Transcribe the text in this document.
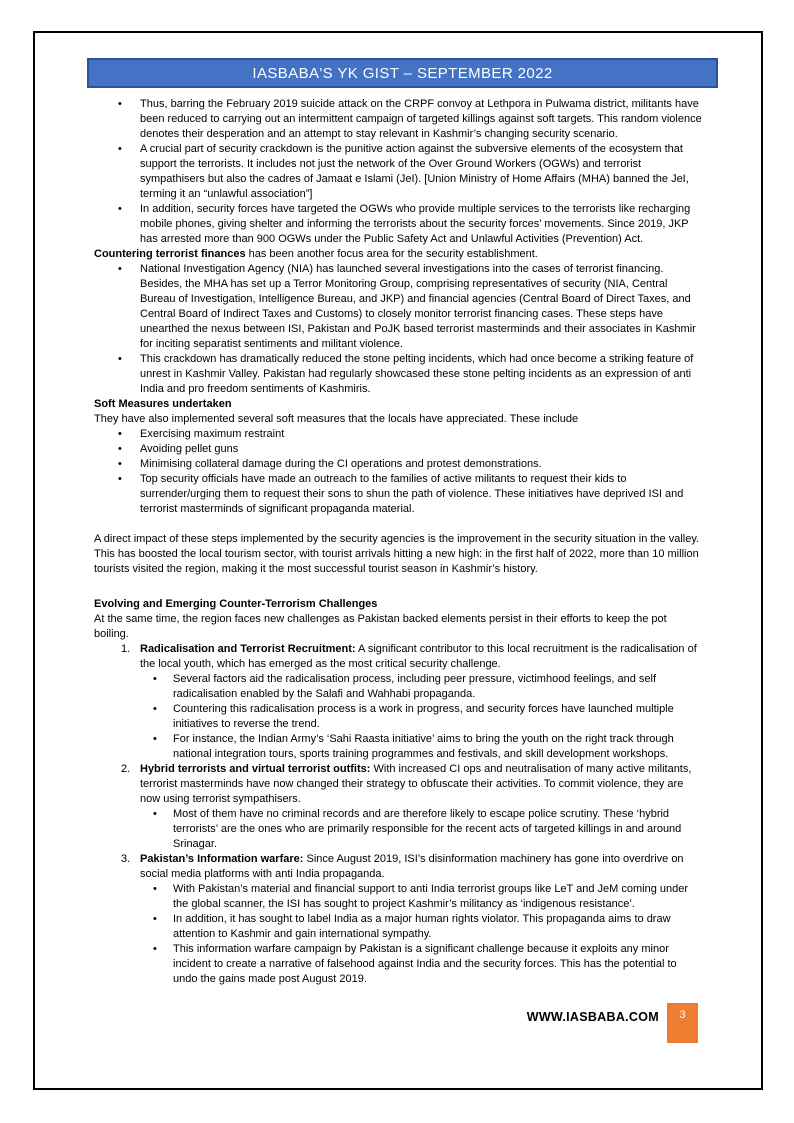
IASBABA'S YK GIST – SEPTEMBER 2022
•
Thus, barring the February 2019 suicide attack on the CRPF convoy at Lethpora in Pulwama district, militants have been reduced to carrying out an intermittent campaign of targeted killings against soft targets. This random violence denotes their desperation and an attempt to stay relevant in Kashmir’s changing security scenario.
•
A crucial part of security crackdown is the punitive action against the subversive elements of the ecosystem that support the terrorists. It includes not just the network of the Over Ground Workers (OGWs) and terrorist sympathisers but also the cadres of Jamaat e Islami (JeI). [Union Ministry of Home Affairs (MHA) banned the JeI, terming it an “unlawful association”]
•
In addition, security forces have targeted the OGWs who provide multiple services to the terrorists like recharging mobile phones, giving shelter and informing the terrorists about the security forces’ movements. Since 2019, JKP has arrested more than 900 OGWs under the Public Safety Act and Unlawful Activities (Prevention) Act.

Countering terrorist finances has been another focus area for the security establishment.

•
National Investigation Agency (NIA) has launched several investigations into the cases of terrorist financing. Besides, the MHA has set up a Terror Monitoring Group, comprising representatives of security (NIA, Central Bureau of Investigation, Intelligence Bureau, and JKP) and financial agencies (Central Board of Direct Taxes, and Central Board of Indirect Taxes and Customs) to closely monitor terrorist financing cases. These steps have unearthed the nexus between ISI, Pakistan and PoJK based terrorist masterminds and their associates in Kashmir for inciting separatist sentiments and militant violence.
•
This crackdown has dramatically reduced the stone pelting incidents, which had once become a striking feature of unrest in Kashmir Valley. Pakistan had regularly showcased these stone pelting incidents as an expression of anti India and pro freedom sentiments of Kashmiris.

Soft Measures undertaken

They have also implemented several soft measures that the locals have appreciated. These include

•
Exercising maximum restraint
•
Avoiding pellet guns
•
Minimising collateral damage during the CI operations and protest demonstrations.
•
Top security officials have made an outreach to the families of active militants to request their kids to surrender/urging them to request their sons to shun the path of violence. These initiatives have deprived ISI and terrorist masterminds of significant propaganda material.

A direct impact of these steps implemented by the security agencies is the improvement in the security situation in the valley. This has boosted the local tourism sector, with tourist arrivals hitting a new high: in the first half of 2022, more than 10 million tourists visited the region, making it the most successful tourist season in Kashmir’s history.

Evolving and Emerging Counter-Terrorism Challenges

At the same time, the region faces new challenges as Pakistan backed elements persist in their efforts to keep the pot boiling.

1. Radicalisation and Terrorist Recruitment: A significant contributor to this local recruitment is the radicalisation of the local youth, which has emerged as the most critical security challenge.
•
Several factors aid the radicalisation process, including peer pressure, victimhood feelings, and self radicalisation enabled by the Salafi and Wahhabi propaganda.
•
Countering this radicalisation process is a work in progress, and security forces have launched multiple initiatives to reverse the trend.
•
For instance, the Indian Army’s ‘Sahi Raasta initiative’ aims to bring the youth on the right track through national integration tours, sports training programmes and festivals, and skill development workshops.
2. Hybrid terrorists and virtual terrorist outfits: With increased CI ops and neutralisation of many active militants, terrorist masterminds have now changed their strategy to obfuscate their activities. To commit violence, they are now using terrorist sympathisers.
•
Most of them have no criminal records and are therefore likely to escape police scrutiny. These ‘hybrid terrorists’ are the ones who are primarily responsible for the recent acts of targeted killings in and around Srinagar.
3. Pakistan’s Information warfare: Since August 2019, ISI’s disinformation machinery has gone into overdrive on social media platforms with anti India propaganda.
•
With Pakistan’s material and financial support to anti India terrorist groups like LeT and JeM coming under the global scanner, the ISI has sought to project Kashmir’s militancy as ‘indigenous resistance’.
•
In addition, it has sought to label India as a major human rights violator. This propaganda aims to draw attention to Kashmir and gain international sympathy.
•
This information warfare campaign by Pakistan is a significant challenge because it exploits any minor incident to create a narrative of falsehood against India and the security forces. This has the potential to undo the gains made post August 2019.
WWW.IASBABA.COM	3
